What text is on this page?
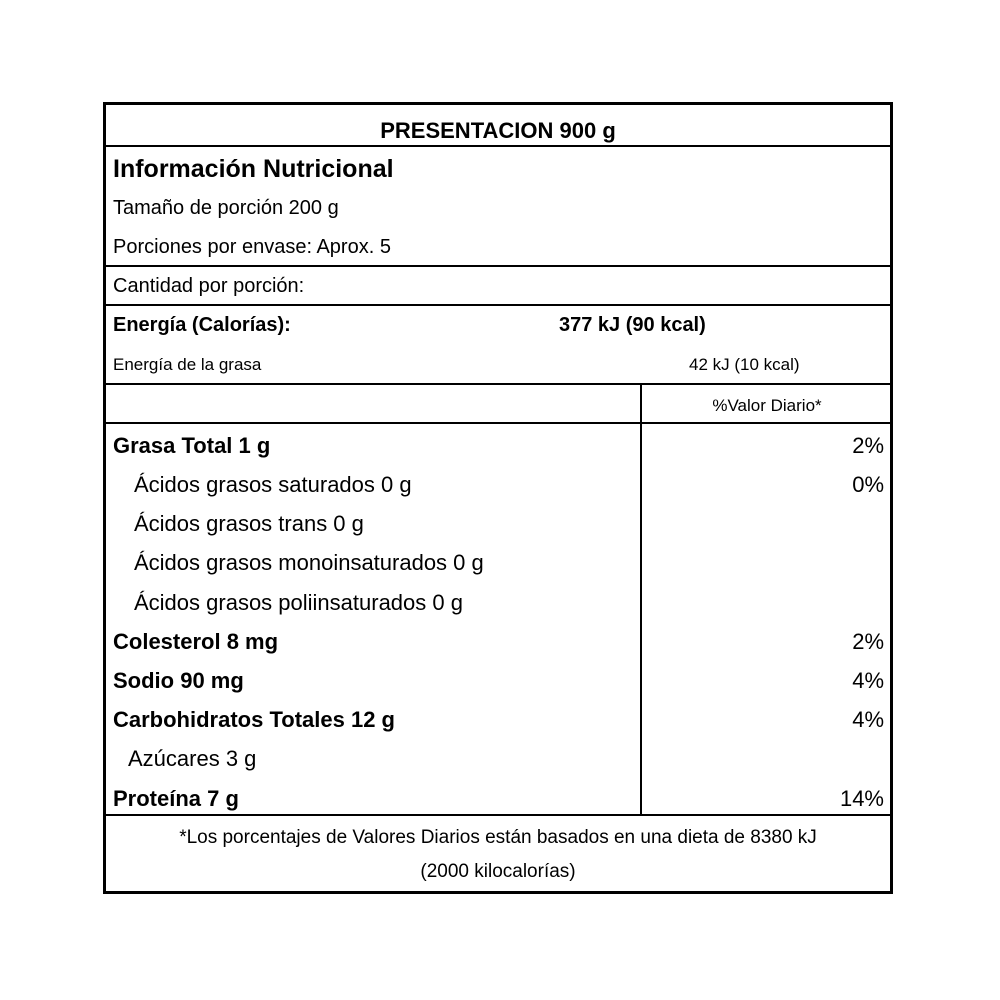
PRESENTACION 900 g
Información Nutricional
Tamaño de porción 200 g
Porciones por envase: Aprox. 5
Cantidad por porción:
Energía (Calorías):	377 kJ (90 kcal)
Energía de la grasa	42 kJ (10 kcal)
%Valor Diario*
Grasa Total 1 g	2%
Ácidos grasos saturados 0 g	0%
Ácidos grasos trans 0 g
Ácidos grasos monoinsaturados 0 g
Ácidos grasos poliinsaturados 0 g
Colesterol 8 mg	2%
Sodio 90 mg	4%
Carbohidratos Totales 12 g	4%
Azúcares 3 g
Proteína 7 g	14%
*Los porcentajes de Valores Diarios están basados en una dieta de 8380 kJ
(2000 kilocalorías)
